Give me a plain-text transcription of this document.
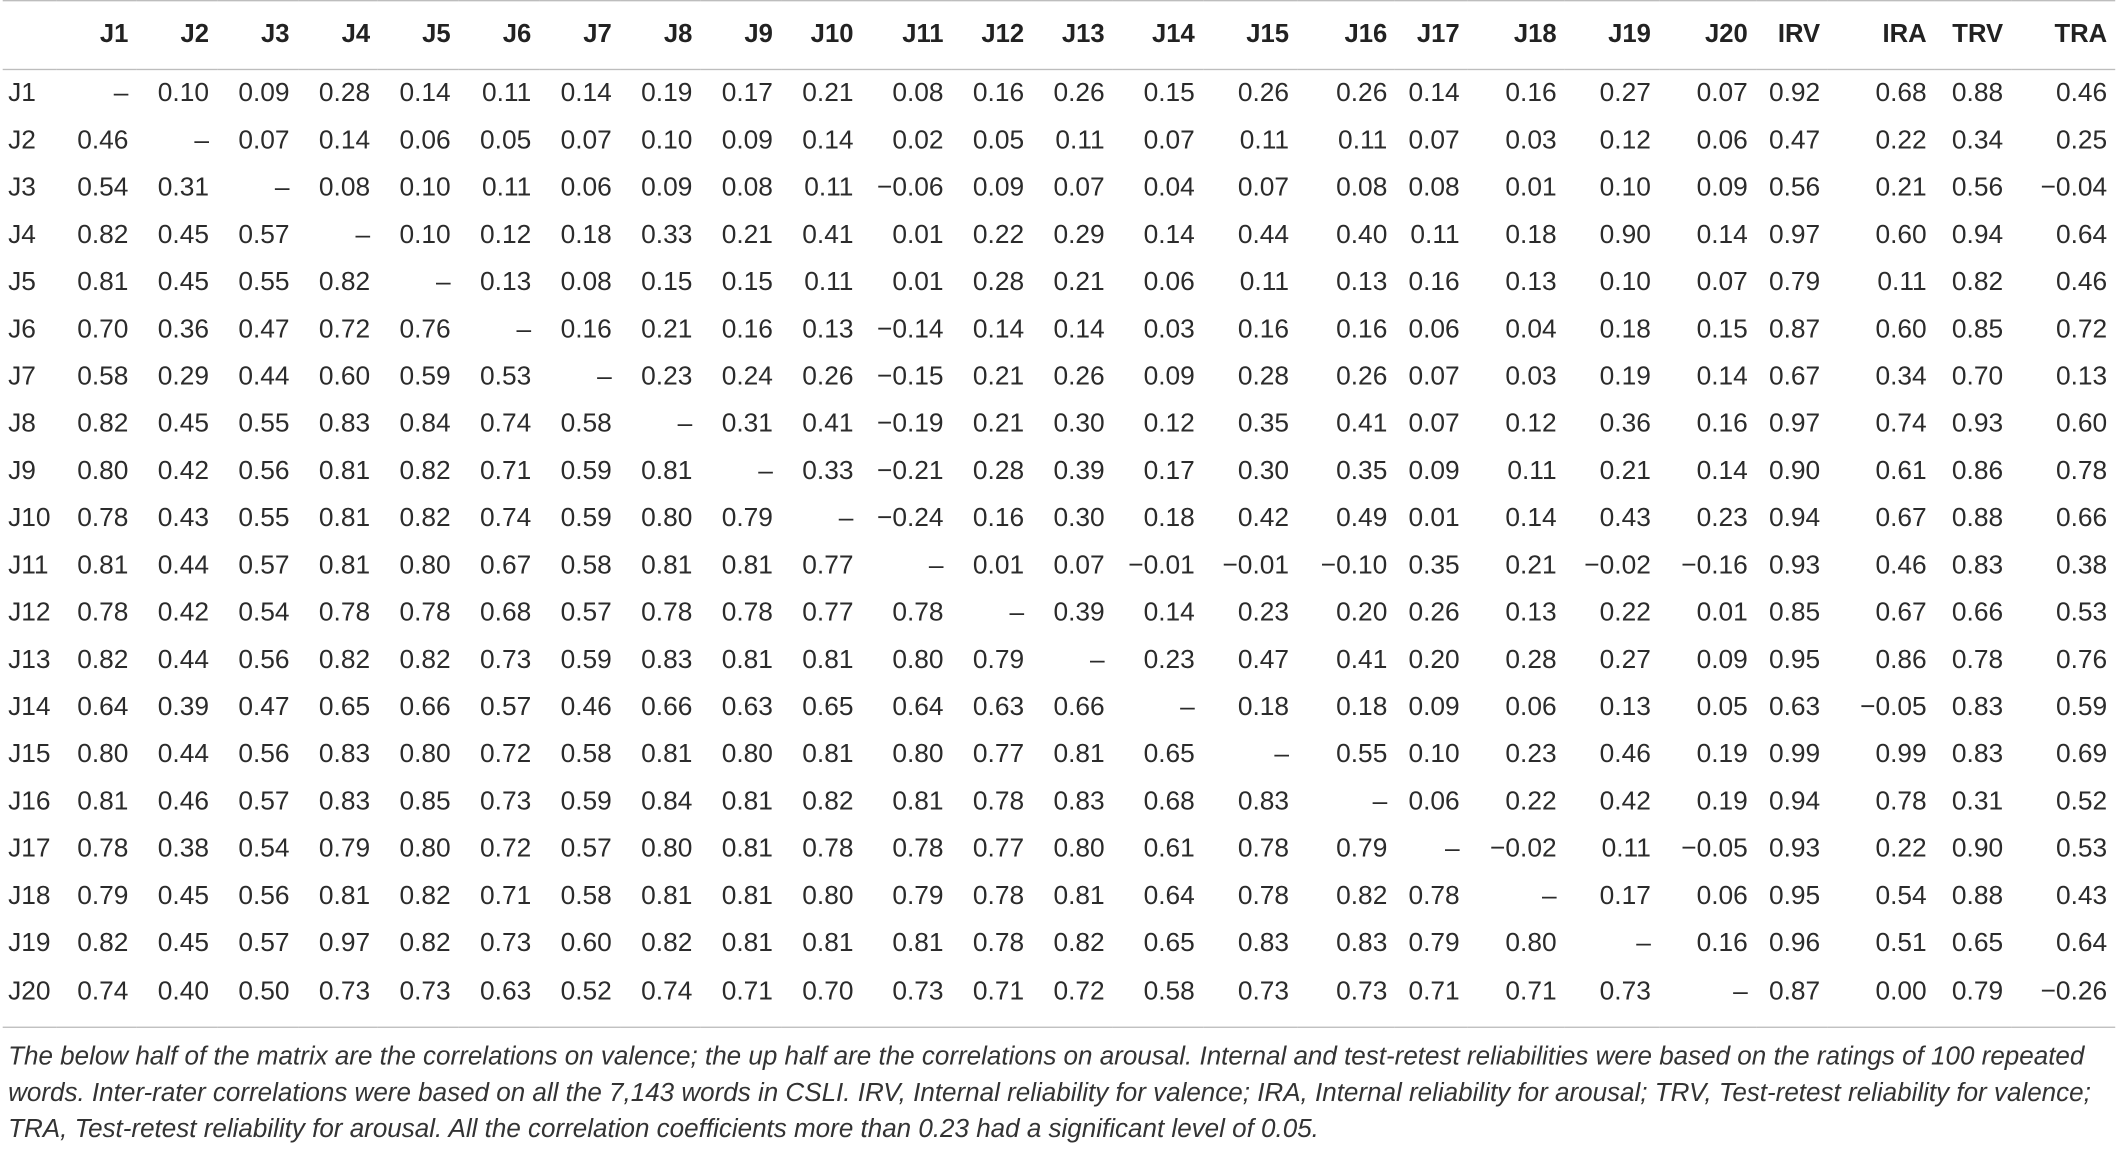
	J1	J2	J3	J4	J5	J6	J7	J8	J9	J10	J11	J12	J13	J14	J15	J16	J17	J18	J19	J20	IRV	IRA	TRV	TRA
J1	–	0.10	0.09	0.28	0.14	0.11	0.14	0.19	0.17	0.21	0.08	0.16	0.26	0.15	0.26	0.26	0.14	0.16	0.27	0.07	0.92	0.68	0.88	0.46
J2	0.46	–	0.07	0.14	0.06	0.05	0.07	0.10	0.09	0.14	0.02	0.05	0.11	0.07	0.11	0.11	0.07	0.03	0.12	0.06	0.47	0.22	0.34	0.25
J3	0.54	0.31	–	0.08	0.10	0.11	0.06	0.09	0.08	0.11	−0.06	0.09	0.07	0.04	0.07	0.08	0.08	0.01	0.10	0.09	0.56	0.21	0.56	−0.04
J4	0.82	0.45	0.57	–	0.10	0.12	0.18	0.33	0.21	0.41	0.01	0.22	0.29	0.14	0.44	0.40	0.11	0.18	0.90	0.14	0.97	0.60	0.94	0.64
J5	0.81	0.45	0.55	0.82	–	0.13	0.08	0.15	0.15	0.11	0.01	0.28	0.21	0.06	0.11	0.13	0.16	0.13	0.10	0.07	0.79	0.11	0.82	0.46
J6	0.70	0.36	0.47	0.72	0.76	–	0.16	0.21	0.16	0.13	−0.14	0.14	0.14	0.03	0.16	0.16	0.06	0.04	0.18	0.15	0.87	0.60	0.85	0.72
J7	0.58	0.29	0.44	0.60	0.59	0.53	–	0.23	0.24	0.26	−0.15	0.21	0.26	0.09	0.28	0.26	0.07	0.03	0.19	0.14	0.67	0.34	0.70	0.13
J8	0.82	0.45	0.55	0.83	0.84	0.74	0.58	–	0.31	0.41	−0.19	0.21	0.30	0.12	0.35	0.41	0.07	0.12	0.36	0.16	0.97	0.74	0.93	0.60
J9	0.80	0.42	0.56	0.81	0.82	0.71	0.59	0.81	–	0.33	−0.21	0.28	0.39	0.17	0.30	0.35	0.09	0.11	0.21	0.14	0.90	0.61	0.86	0.78
J10	0.78	0.43	0.55	0.81	0.82	0.74	0.59	0.80	0.79	–	−0.24	0.16	0.30	0.18	0.42	0.49	0.01	0.14	0.43	0.23	0.94	0.67	0.88	0.66
J11	0.81	0.44	0.57	0.81	0.80	0.67	0.58	0.81	0.81	0.77	–	0.01	0.07	−0.01	−0.01	−0.10	0.35	0.21	−0.02	−0.16	0.93	0.46	0.83	0.38
J12	0.78	0.42	0.54	0.78	0.78	0.68	0.57	0.78	0.78	0.77	0.78	–	0.39	0.14	0.23	0.20	0.26	0.13	0.22	0.01	0.85	0.67	0.66	0.53
J13	0.82	0.44	0.56	0.82	0.82	0.73	0.59	0.83	0.81	0.81	0.80	0.79	–	0.23	0.47	0.41	0.20	0.28	0.27	0.09	0.95	0.86	0.78	0.76
J14	0.64	0.39	0.47	0.65	0.66	0.57	0.46	0.66	0.63	0.65	0.64	0.63	0.66	–	0.18	0.18	0.09	0.06	0.13	0.05	0.63	−0.05	0.83	0.59
J15	0.80	0.44	0.56	0.83	0.80	0.72	0.58	0.81	0.80	0.81	0.80	0.77	0.81	0.65	–	0.55	0.10	0.23	0.46	0.19	0.99	0.99	0.83	0.69
J16	0.81	0.46	0.57	0.83	0.85	0.73	0.59	0.84	0.81	0.82	0.81	0.78	0.83	0.68	0.83	–	0.06	0.22	0.42	0.19	0.94	0.78	0.31	0.52
J17	0.78	0.38	0.54	0.79	0.80	0.72	0.57	0.80	0.81	0.78	0.78	0.77	0.80	0.61	0.78	0.79	–	−0.02	0.11	−0.05	0.93	0.22	0.90	0.53
J18	0.79	0.45	0.56	0.81	0.82	0.71	0.58	0.81	0.81	0.80	0.79	0.78	0.81	0.64	0.78	0.82	0.78	–	0.17	0.06	0.95	0.54	0.88	0.43
J19	0.82	0.45	0.57	0.97	0.82	0.73	0.60	0.82	0.81	0.81	0.81	0.78	0.82	0.65	0.83	0.83	0.79	0.80	–	0.16	0.96	0.51	0.65	0.64
J20	0.74	0.40	0.50	0.73	0.73	0.63	0.52	0.74	0.71	0.70	0.73	0.71	0.72	0.58	0.73	0.73	0.71	0.71	0.73	–	0.87	0.00	0.79	−0.26
The below half of the matrix are the correlations on valence; the up half are the correlations on arousal. Internal and test-retest reliabilities were based on the ratings of 100 repeated words. Inter-rater correlations were based on all the 7,143 words in CSLI. IRV, Internal reliability for valence; IRA, Internal reliability for arousal; TRV, Test-retest reliability for valence; TRA, Test-retest reliability for arousal. All the correlation coefficients more than 0.23 had a significant level of 0.05.
